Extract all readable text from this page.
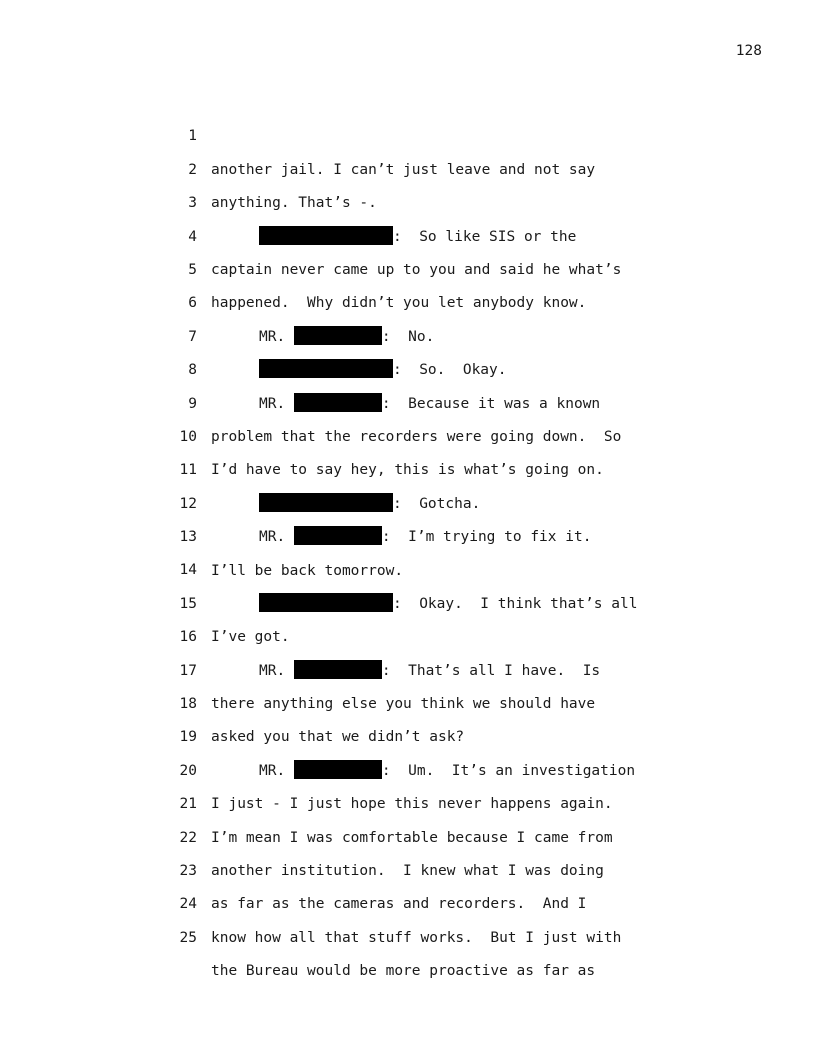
128

1

another jail. I can’t just leave and not say

2

anything. That’s -.

3

:  So like SIS or the

4

captain never came up to you and said he what’s

5

happened.  Why didn’t you let anybody know.

6

MR.	:  No.

7

:  So.  Okay.

8

MR.	:  Because it was a known

9

problem that the recorders were going down.  So

10

I’d have to say hey, this is what’s going on.

11

:  Gotcha.

12

MR.	:  I’m trying to fix it.

13

I’ll be back tomorrow.

14

:  Okay.  I think that’s all

15

I’ve got.

16

MR.	:  That’s all I have.  Is

17

there anything else you think we should have

18

asked you that we didn’t ask?

19

MR.	:  Um.  It’s an investigation

20

I just - I just hope this never happens again.

21

I’m mean I was comfortable because I came from

22

another institution.  I knew what I was doing

23

as far as the cameras and recorders.  And I

24

know how all that stuff works.  But I just with

25

the Bureau would be more proactive as far as
